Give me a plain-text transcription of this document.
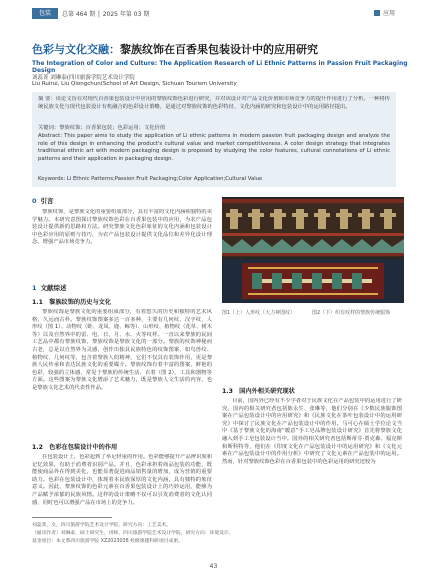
包装	总第 464 期 │ 2025 年第 03 期	应用
色彩与文化交融：黎族纹饰在百香果包装设计中的应用研究
The Integration of Color and Culture: The Application Research of Li Ethnic Patterns in Passion Fruit Packaging Design
刘蕊菁 刘琳泰(四川旅游学院艺术设计学院
Liu Ruirui, Liu Qiongchun(School of Art Design, Sichuan Tourism University
摘 要：该论文旨在对现代百香果包装设计中应用的黎族纹饰色彩进行研究，并对该设计对产品文化价值和市场竞争力的提升作用进行了分析。一种将传统民族文化与现代包装设计有机融合的色彩设计策略，是通过对黎族纹饰的色彩特征、文化内涵的研究和包装设计中的运用路径提出。
关键词：黎族纹饰；百香果包装；色彩运用；文化价值
Abstract: This paper aims to study the application of Li ethnic patterns in modern passion fruit packaging design and analyze the role of this design in enhancing the product's cultural value and market competitiveness. A color design strategy that integrates traditional ethnic art with modern packaging design is proposed by studying the color features, cultural connotations of Li ethnic patterns and their application in packaging design.
Keywords: Li Ethnic Patterns;Passion Fruit Packaging;Color Application;Cultural Value
0 引言
黎族纹饰，是黎族文化的重要组成部分，具有丰富的文化内涵和独特的美学魅力。本研究意图探讨黎族纹饰色彩在百香果包装中的应用，为农产品包装设计提供新的思路和方法。研究黎族文化色彩象征的文化内涵和包装设计中色彩应用的原则与技巧，为农产品包装设计提供文化品位和差异化设计理念，增强产品市场竞争力。
1 文献综述
1.1　黎族纹饰的历史与文化
黎族纹饰是黎族文化的重要组成部分，有着悠久的历史和独特的艺术风格，久远而古朴。黎族纹饰图案多达一百多种，主要有几何纹、汉字纹、人形纹（图 1）、动物纹（蛙、龙凤、鹿、鲸等）、山形纹、植物纹（花草、树木等）以及自然界中的雷、电、日、月、水、火等纹样。一直以来黎族的民间工艺品中都有黎族纹饰，黎族纹饰是黎族文化的一部分。黎族的纹饰神秘而古老，总是以自然界为灵感，创作出独具民族特色的纹饰图案，如鸟兽纹、植物纹、几何纹等，包含着黎族人的精神，它们不仅具有装饰作用，更是黎族人民传承和表达民族文化的重要媒介。黎族纹饰有着丰富的图案，鲜艳的色彩，较强的立体感，常见于黎族的传统生活、衣着（图 2）、工具和器物等方面。这些图案为黎族文化增添了艺术魅力，既是黎族人文生活的内容，也是黎族文化艺术的代表性作品。
1.2　色彩在包装设计中的作用
在包装设计上，色彩起到了举足轻重的作用。色彩能够提升产品辨识度和记忆效果，有助于消费者识别产品。并且，色彩承担着商品包装的功能，既能使商品外在得到美化，也能显著促进商品销售量的增加，成为营销的重要助力。色彩在包装设计中，体现着本民族深厚的文化内涵，具有独特的象征意义。因此，黎族纹饰的色彩元素在百香果包装设计上的巧妙运用，能够为产品赋予浓郁的民族风情。这样的设计策略不仅可以引发消费者的文化认同感，同时也可以增强产品在市场上的竞争力。
图1（上）人形纹（大力神图纹）	图2（下）织有纹样的黎族传统服饰
1.3　国内外相关研究现状
目前，国内外已经有不少学者对于民族文化在产品包装中的运用进行了研究。国内的相关研究者包括陈永生、张琳等，他们分别在《少数民族服饰图案在产品包装设计中的应用研究》和《民族文化在茶叶包装设计中的运用研究》中探讨了民族文化在产品包装设计中的作用。马可心在硕士学位论文当中《基于黎族文化的海南“暖意”手工皂品牌包装设计研究》首先将黎族文化融入到手工皂包装设计当中。国外的相关研究者包括斯蒂芬·贾克森、福克斯和斯科特等，他们在《印度文化在产品包装设计中的运用研究》和《文化元素在产品包装设计中的作用分析》中研究了文化元素在产品包装中的运用。然而，针对黎族纹饰色彩在百香果包装中的色彩运用的研究还较为
刘蕊菁，女，四川旅游学院艺术设计学院，研究方向：工艺美术。
（通讯作者）刘琳泰，硕士研究生，讲师，四川旅游学院艺术设计学院，研究方向：环境设计。
基金项目：本文系四川旅游学院 XZ2023038 校级课题科研项目成果。
43
